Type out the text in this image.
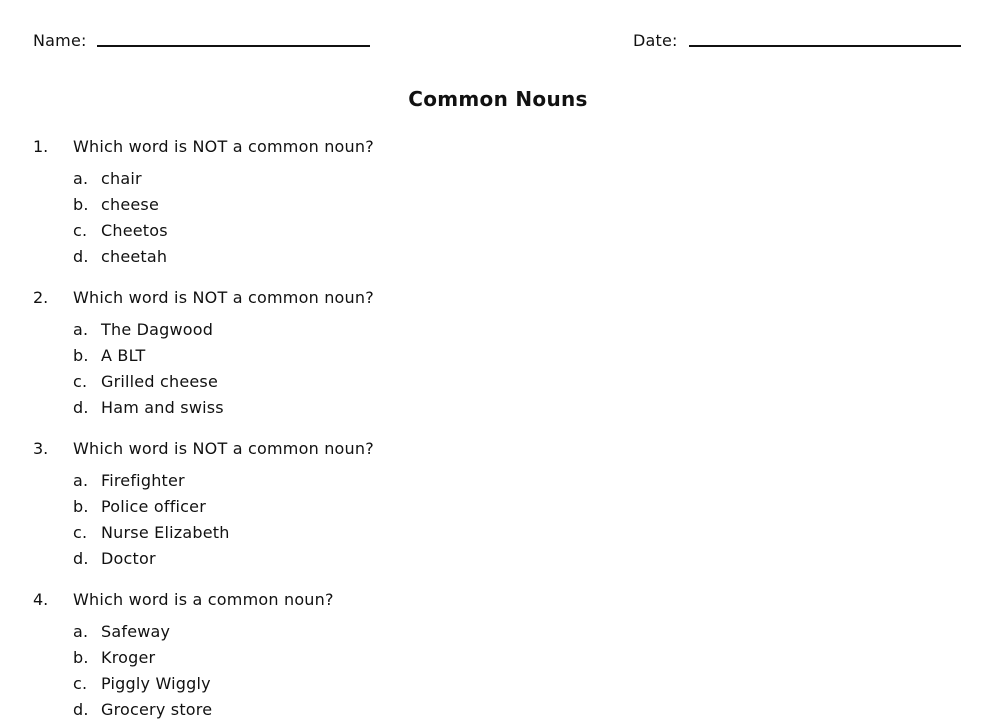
Name:	Date:
Common Nouns
1. Which word is NOT a common noun?
a. chair
b. cheese
c. Cheetos
d. cheetah
2. Which word is NOT a common noun?
a. The Dagwood
b. A BLT
c. Grilled cheese
d. Ham and swiss
3. Which word is NOT a common noun?
a. Firefighter
b. Police officer
c. Nurse Elizabeth
d. Doctor
4. Which word is a common noun?
a. Safeway
b. Kroger
c. Piggly Wiggly
d. Grocery store
